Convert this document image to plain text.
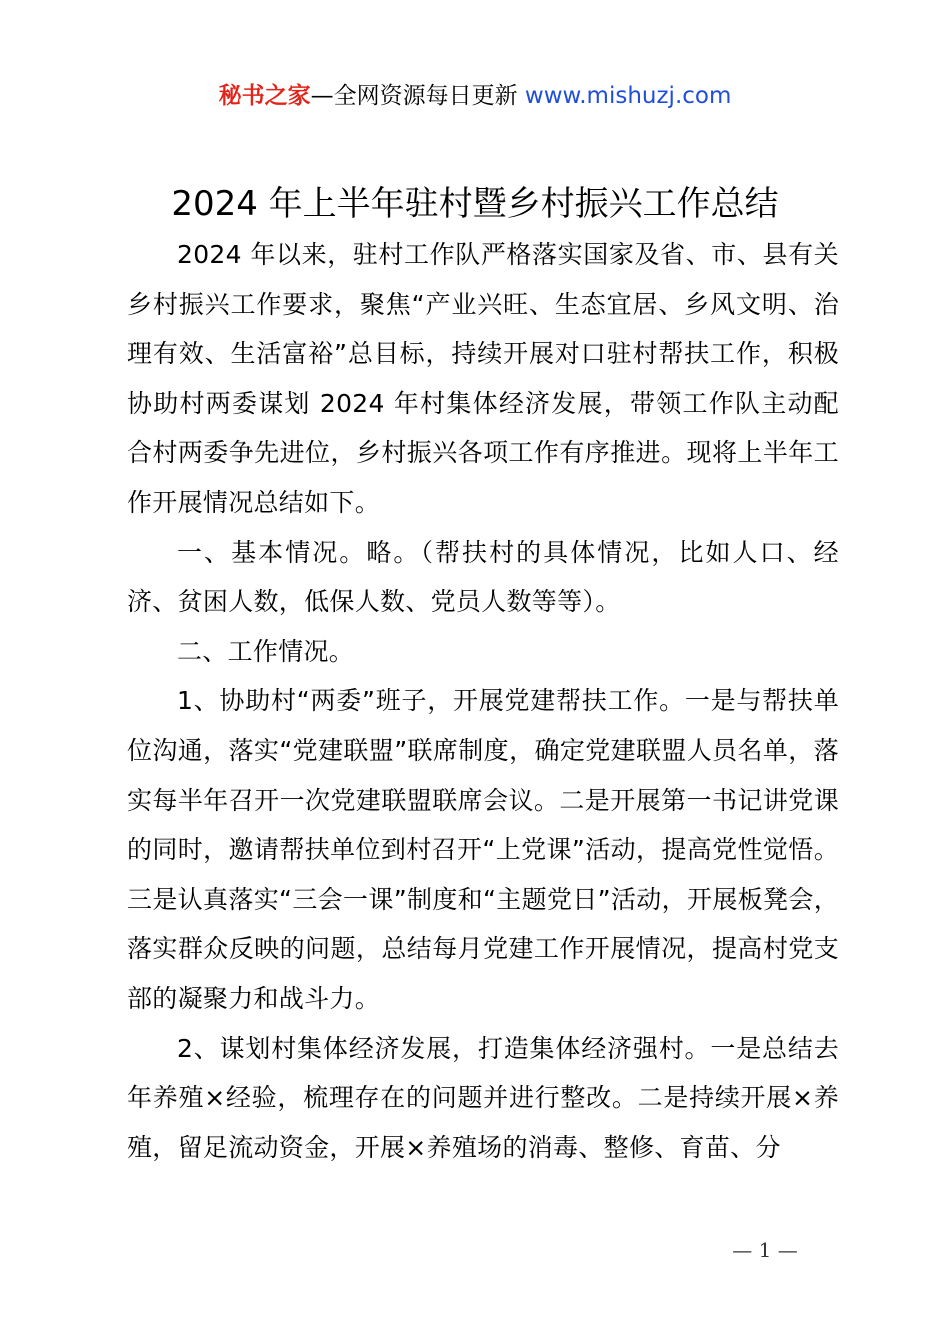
秘书之家—全网资源每日更新 www.mishuzj.com
2024 年上半年驻村暨乡村振兴工作总结

2024 年以来，驻村工作队严格落实国家及省、市、县有关乡村振兴工作要求，聚焦“产业兴旺、生态宜居、乡风文明、治理有效、生活富裕”总目标，持续开展对口驻村帮扶工作，积极协助村两委谋划 2024 年村集体经济发展，带领工作队主动配合村两委争先进位，乡村振兴各项工作有序推进。现将上半年工作开展情况总结如下。

一、基本情况。略。（帮扶村的具体情况，比如人口、经济、贫困人数，低保人数、党员人数等等）。

二、工作情况。

1、协助村“两委”班子，开展党建帮扶工作。一是与帮扶单位沟通，落实“党建联盟”联席制度，确定党建联盟人员名单，落实每半年召开一次党建联盟联席会议。二是开展第一书记讲党课的同时，邀请帮扶单位到村召开“上党课”活动，提高党性觉悟。三是认真落实“三会一课”制度和“主题党日”活动，开展板凳会，落实群众反映的问题，总结每月党建工作开展情况，提高村党支部的凝聚力和战斗力。

2、谋划村集体经济发展，打造集体经济强村。一是总结去年养殖×经验，梳理存在的问题并进行整改。二是持续开展×养殖，留足流动资金，开展×养殖场的消毒、整修、育苗、分

— 1 —
